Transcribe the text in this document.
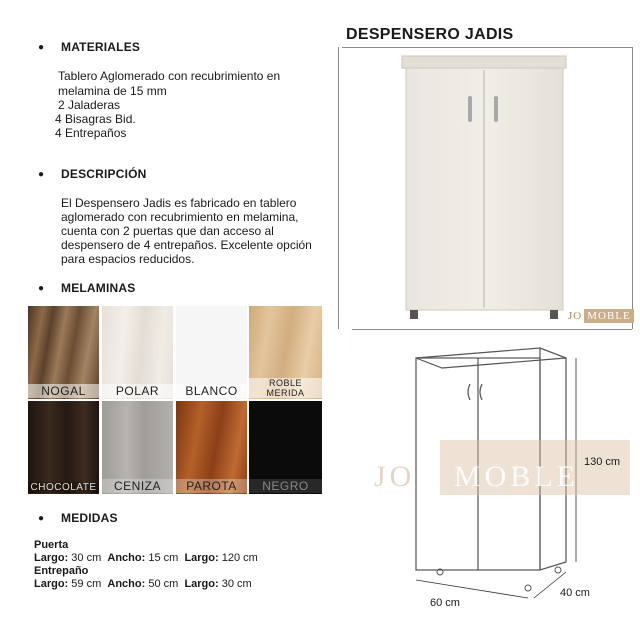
● MATERIALES
Tablero Aglomerado con recubrimiento en
melamina de 15 mm
2 Jaladeras
4 Bisagras Bid.
4 Entrepaños
● DESCRIPCIÓN
El Despensero Jadis es fabricado en tablero
aglomerado con recubrimiento en melamina,
cuenta con 2 puertas que dan acceso al
despensero de 4 entrepaños. Excelente opción
para espacios reducidos.
● MELAMINAS
NOGAL	POLAR	BLANCO
ROBLE MERIDA
CHOCOLATE	CENIZA	PAROTA	NEGRO
● MEDIDAS
Puerta
Largo: 30 cm Ancho: 15 cm Largo: 120 cm
Entrepaño
Largo: 59 cm Ancho: 50 cm Largo: 30 cm
DESPENSERO JADIS
JO MOBLE
JO MOBLE 130 cm
60 cm
40 cm
